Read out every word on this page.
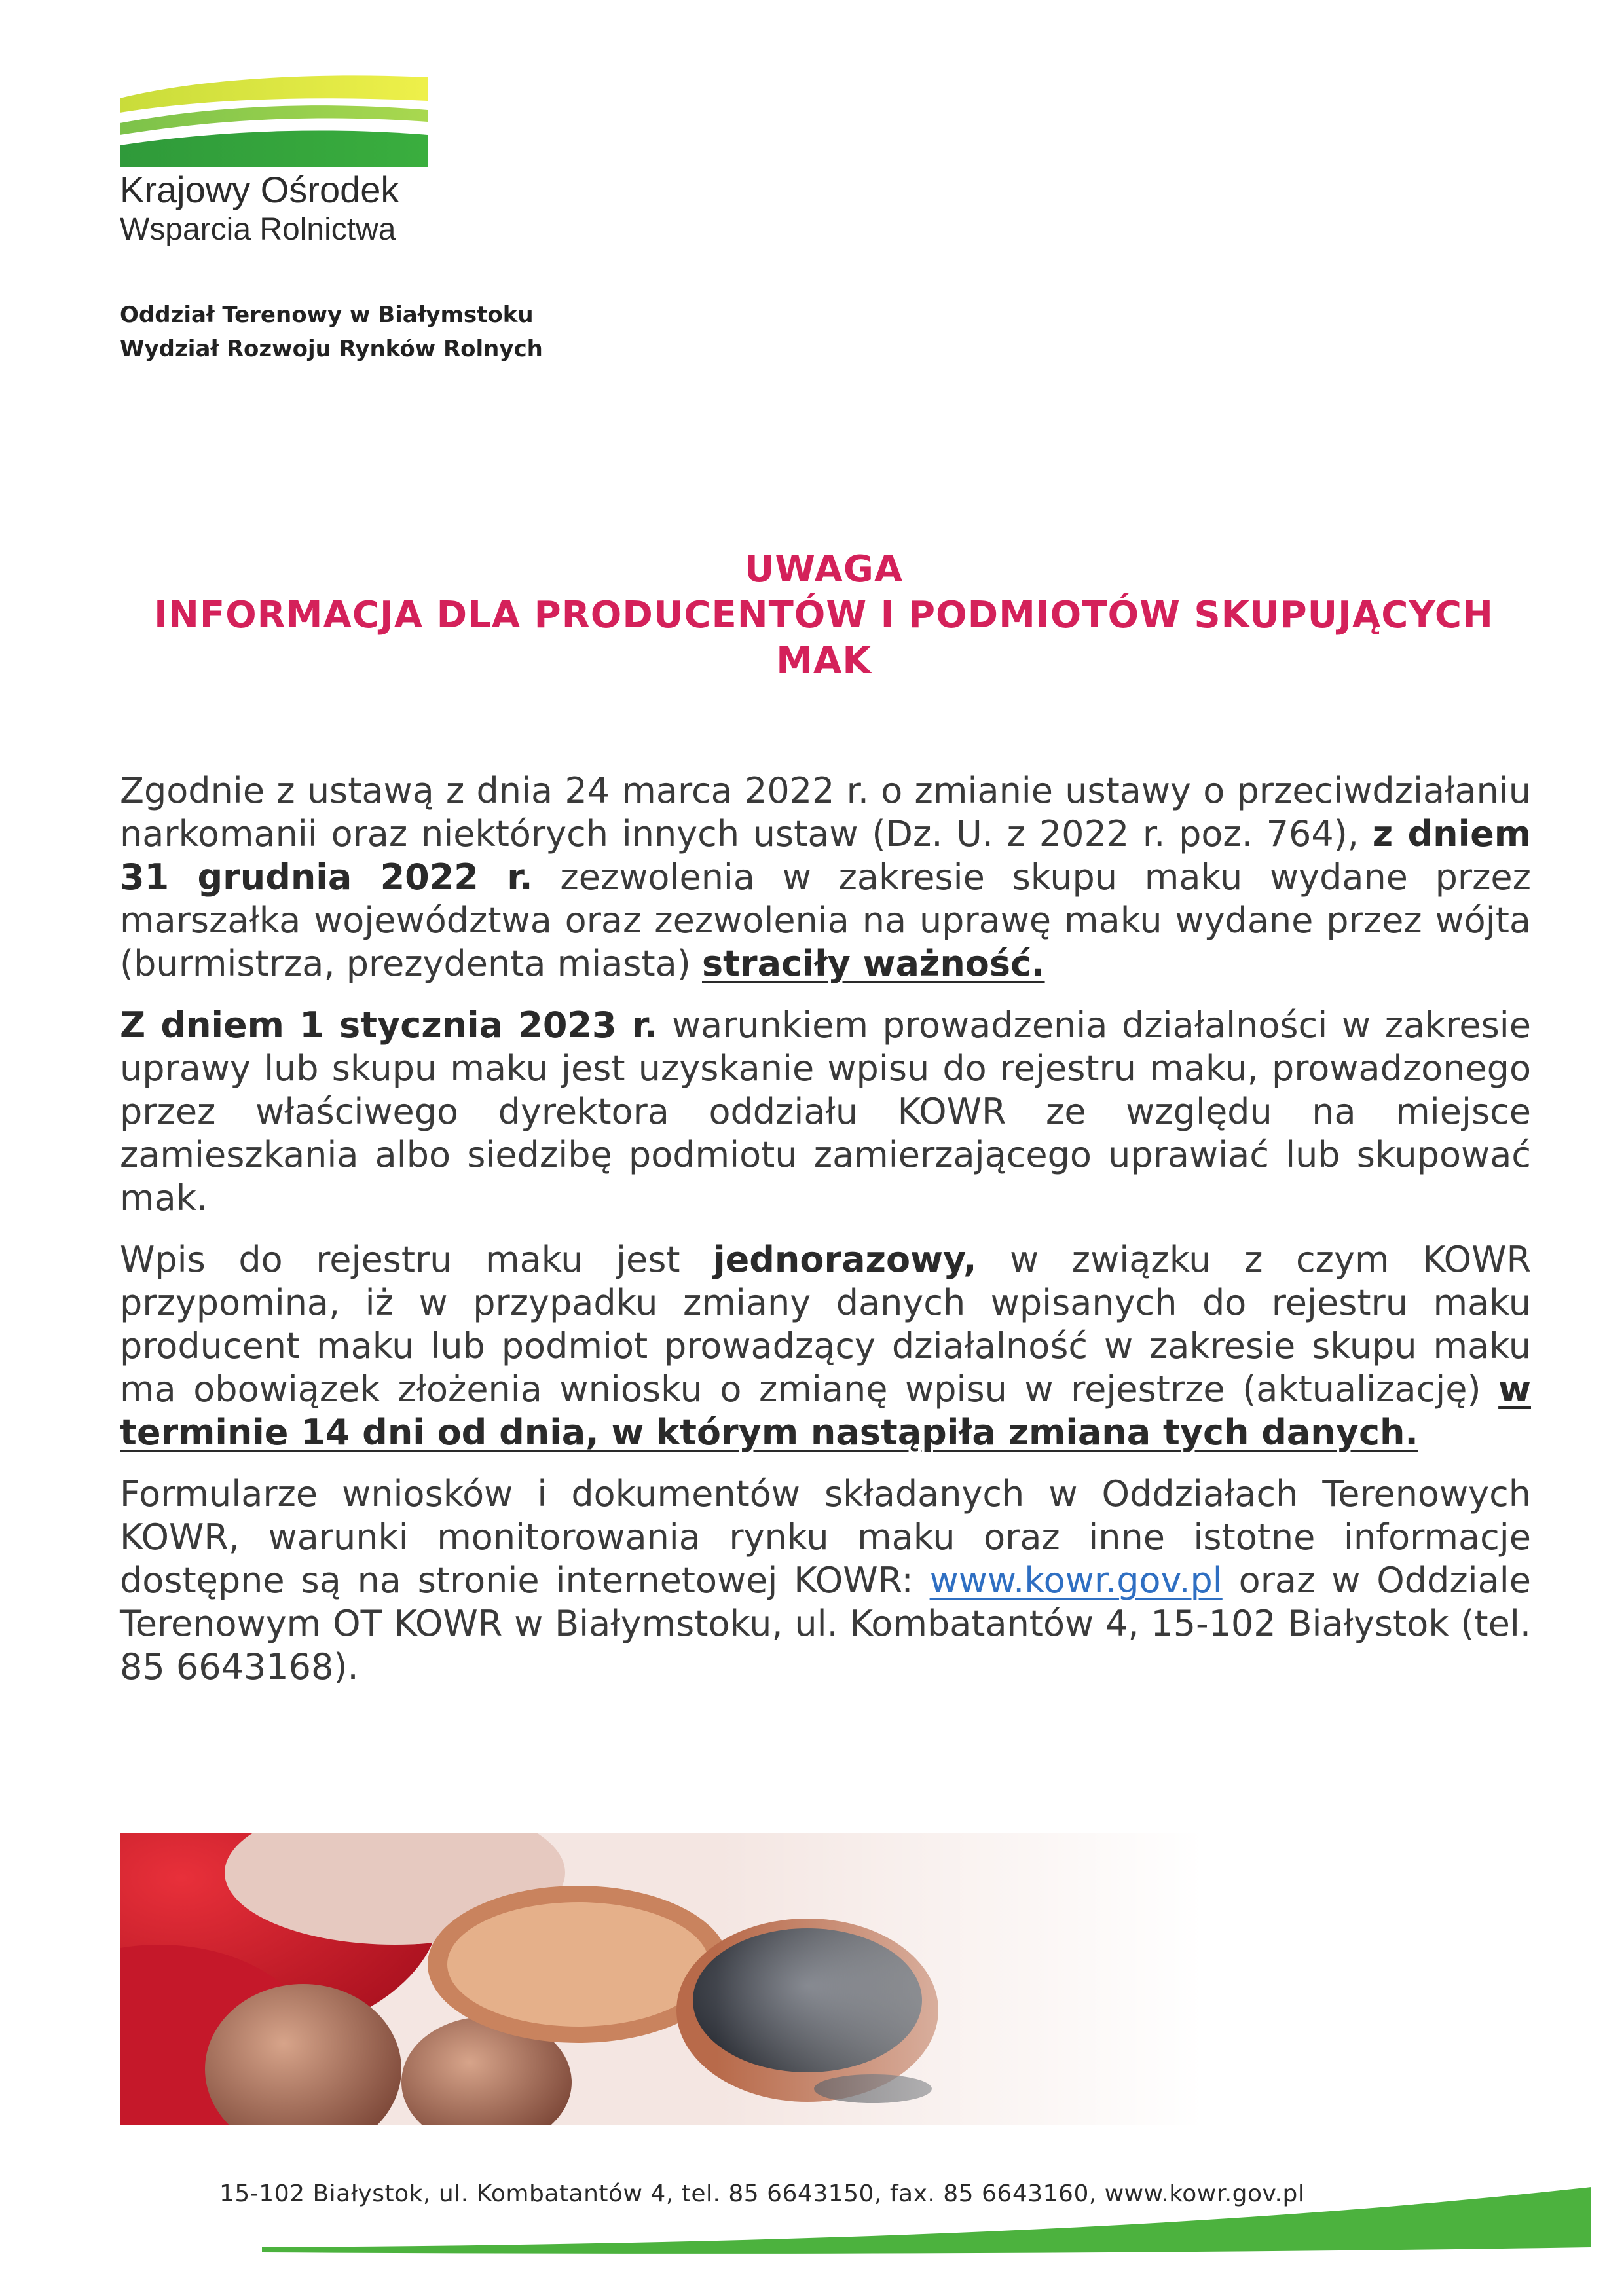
Krajowy Ośrodek
Wsparcia Rolnictwa
Oddział Terenowy w Białymstoku
Wydział Rozwoju Rynków Rolnych
UWAGA
INFORMACJA DLA PRODUCENTÓW I PODMIOTÓW SKUPUJĄCYCH
MAK

Zgodnie z ustawą z dnia 24 marca 2022 r. o zmianie ustawy o przeciwdziałaniu narkomanii oraz niektórych innych ustaw (Dz. U. z 2022 r. poz. 764), z dniem 31 grudnia 2022 r. zezwolenia w zakresie skupu maku wydane przez marszałka województwa oraz zezwolenia na uprawę maku wydane przez wójta (burmistrza, prezydenta miasta) straciły ważność.

Z dniem 1 stycznia 2023 r. warunkiem prowadzenia działalności w zakresie uprawy lub skupu maku jest uzyskanie wpisu do rejestru maku, prowadzonego przez właściwego dyrektora oddziału KOWR ze względu na miejsce zamieszkania albo siedzibę podmiotu zamierzającego uprawiać lub skupować mak.

Wpis do rejestru maku jest jednorazowy, w związku z czym KOWR przypomina, iż w przypadku zmiany danych wpisanych do rejestru maku producent maku lub podmiot prowadzący działalność w zakresie skupu maku ma obowiązek złożenia wniosku o zmianę wpisu w rejestrze (aktualizację) w terminie 14 dni od dnia, w którym nastąpiła zmiana tych danych.

Formularze wniosków i dokumentów składanych w Oddziałach Terenowych KOWR, warunki monitorowania rynku maku oraz inne istotne informacje dostępne są na stronie internetowej KOWR: www.kowr.gov.pl oraz w Oddziale Terenowym OT KOWR w Białymstoku, ul. Kombatantów 4, 15-102 Białystok (tel. 85 6643168).

15-102 Białystok, ul. Kombatantów 4, tel. 85 6643150, fax. 85 6643160, www.kowr.gov.pl
